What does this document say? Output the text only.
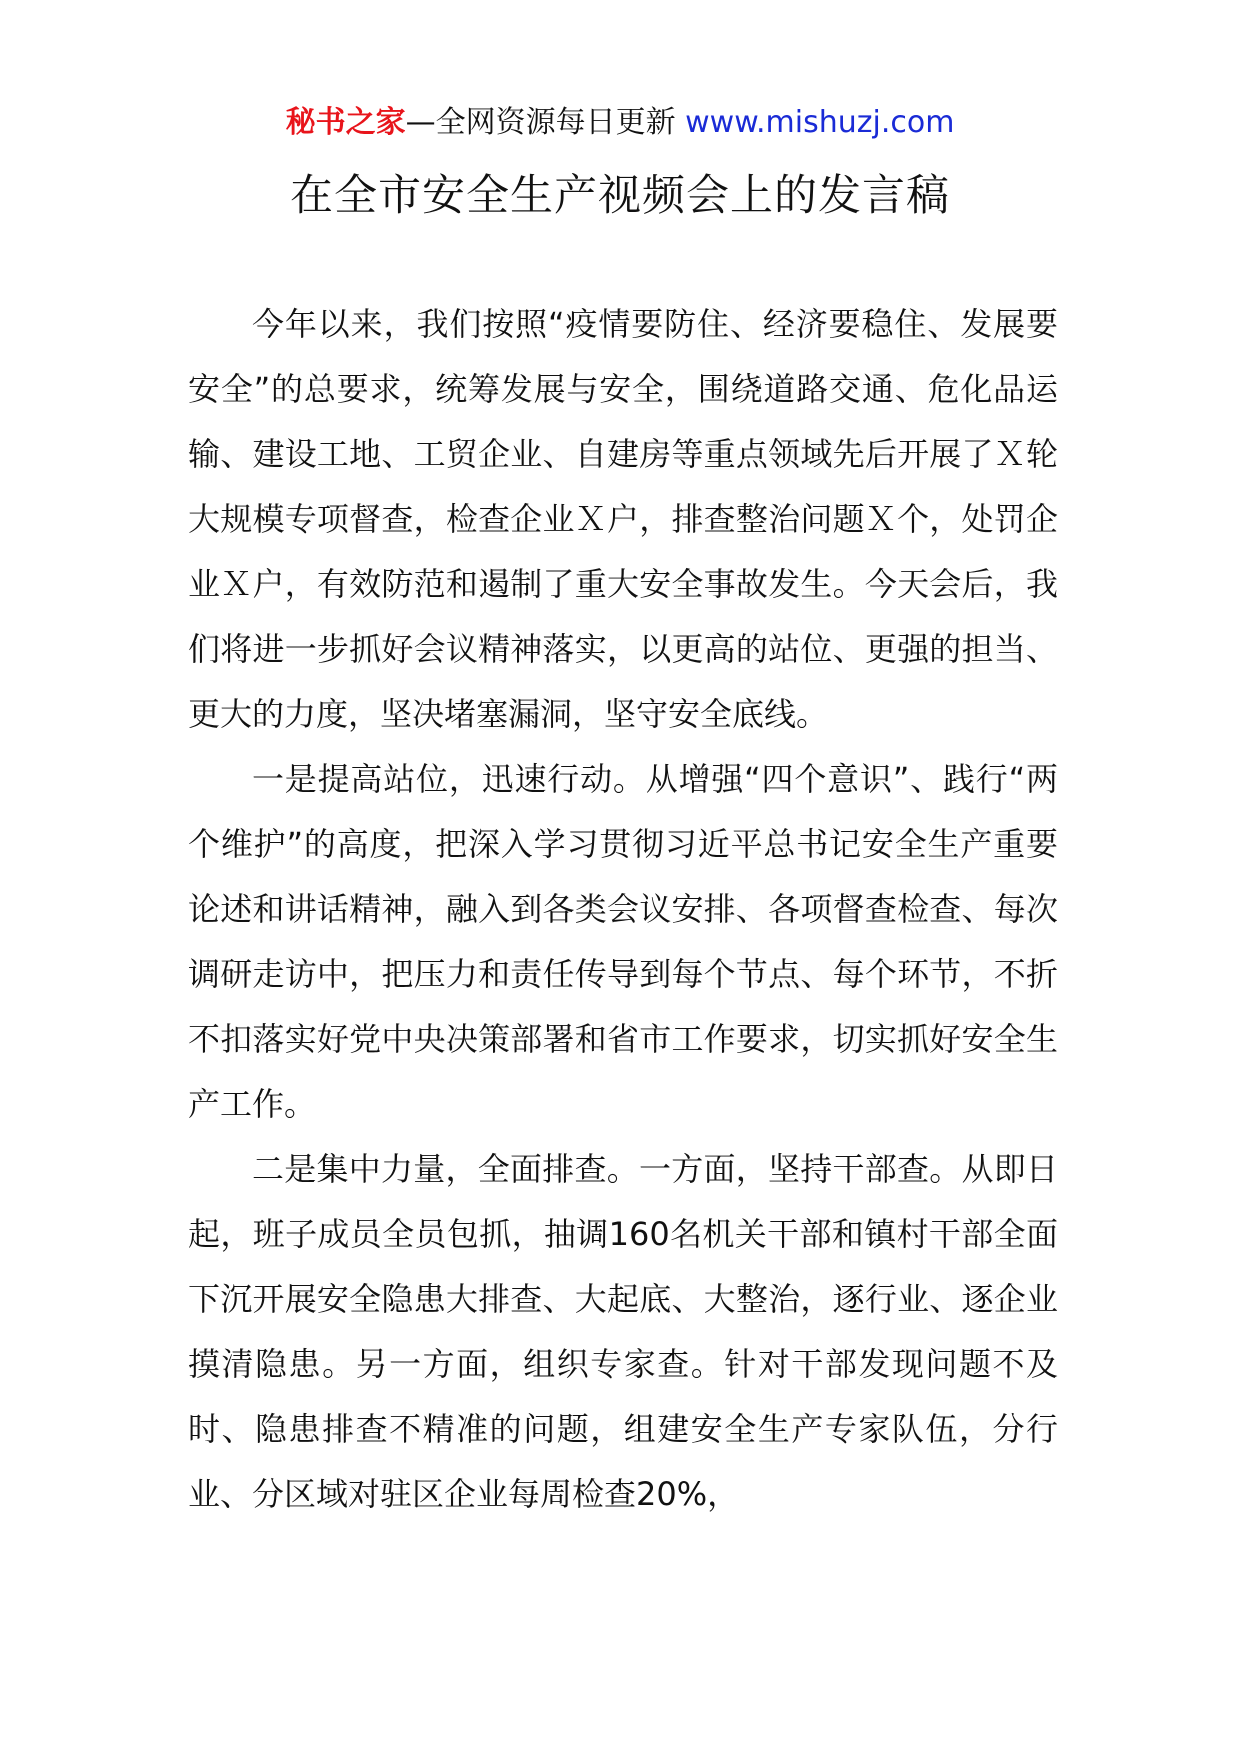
秘书之家—全网资源每日更新 www.mishuzj.com
在全市安全生产视频会上的发言稿

今年以来，我们按照“疫情要防住、经济要稳住、发展要安全”的总要求，统筹发展与安全，围绕道路交通、危化品运输、建设工地、工贸企业、自建房等重点领域先后开展了Ｘ轮大规模专项督查，检查企业Ｘ户，排查整治问题Ｘ个，处罚企业Ｘ户，有效防范和遏制了重大安全事故发生。今天会后，我们将进一步抓好会议精神落实，以更高的站位、更强的担当、更大的力度，坚决堵塞漏洞，坚守安全底线。

一是提高站位，迅速行动。从增强“四个意识”、践行“两个维护”的高度，把深入学习贯彻习近平总书记安全生产重要论述和讲话精神，融入到各类会议安排、各项督查检查、每次调研走访中，把压力和责任传导到每个节点、每个环节，不折不扣落实好党中央决策部署和省市工作要求，切实抓好安全生产工作。

二是集中力量，全面排查。一方面，坚持干部查。从即日起，班子成员全员包抓，抽调160名机关干部和镇村干部全面下沉开展安全隐患大排查、大起底、大整治，逐行业、逐企业摸清隐患。另一方面，组织专家查。针对干部发现问题不及时、隐患排查不精准的问题，组建安全生产专家队伍，分行业、分区域对驻区企业每周检查20%，
